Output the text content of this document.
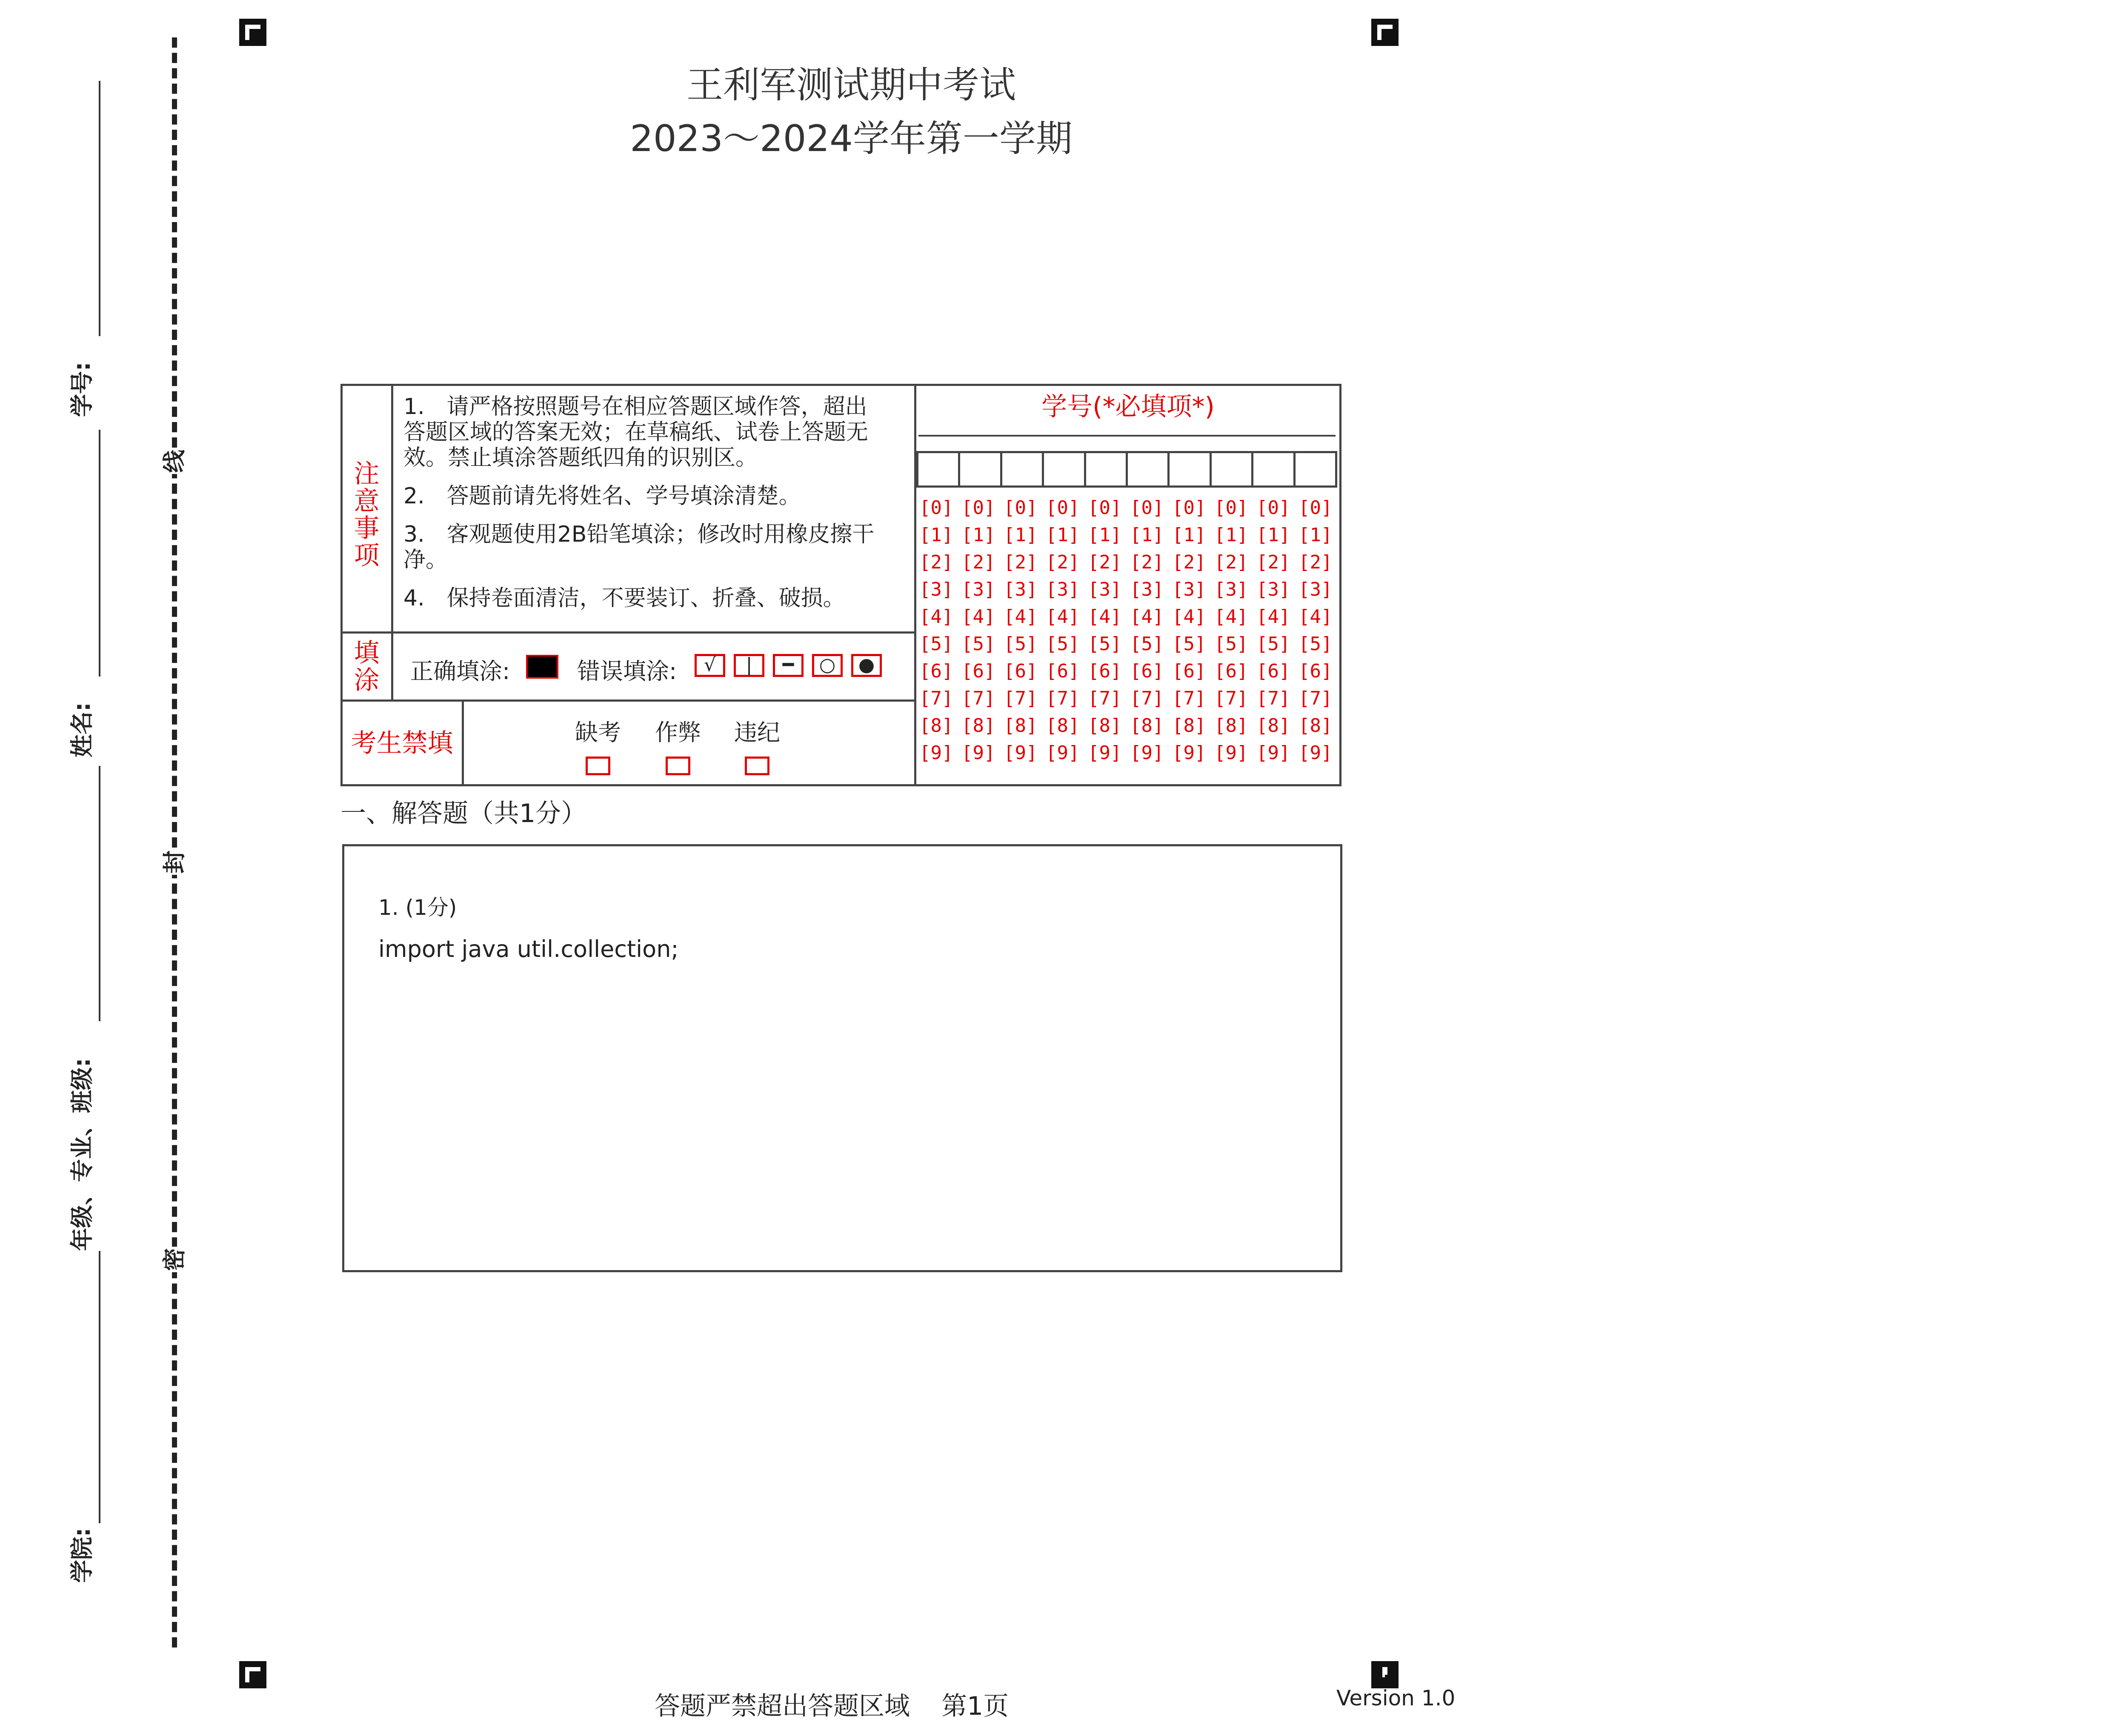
线
封
密
学号:
姓名:
年级、专业、班级:
学院:
王利军测试期中考试
2023～2024学年第一学期
注意事项

1.　请严格按照题号在相应答题区域作答，超出答题区域的答案无效；在草稿纸、试卷上答题无效。禁止填涂答题纸四角的识别区。

2.　答题前请先将姓名、学号填涂清楚。

3.　客观题使用2B铅笔填涂；修改时用橡皮擦干净。

4.　保持卷面清洁，不要装订、折叠、破损。

填涂 正确填涂:	错误填涂:	√	|	━	○	●
考生禁填	缺考	作弊	违纪
学号(*必填项*)
[0] [0] [0] [0] [0] [0] [0] [0] [0] [0]
[1] [1] [1] [1] [1] [1] [1] [1] [1] [1]
[2] [2] [2] [2] [2] [2] [2] [2] [2] [2]
[3] [3] [3] [3] [3] [3] [3] [3] [3] [3]
[4] [4] [4] [4] [4] [4] [4] [4] [4] [4]
[5] [5] [5] [5] [5] [5] [5] [5] [5] [5]
[6] [6] [6] [6] [6] [6] [6] [6] [6] [6]
[7] [7] [7] [7] [7] [7] [7] [7] [7] [7]
[8] [8] [8] [8] [8] [8] [8] [8] [8] [8]
[9] [9] [9] [9] [9] [9] [9] [9] [9] [9]
一、解答题（共1分）
1. (1分)
import java util.collection;
答题严禁超出答题区域 第1页	Version 1.0
